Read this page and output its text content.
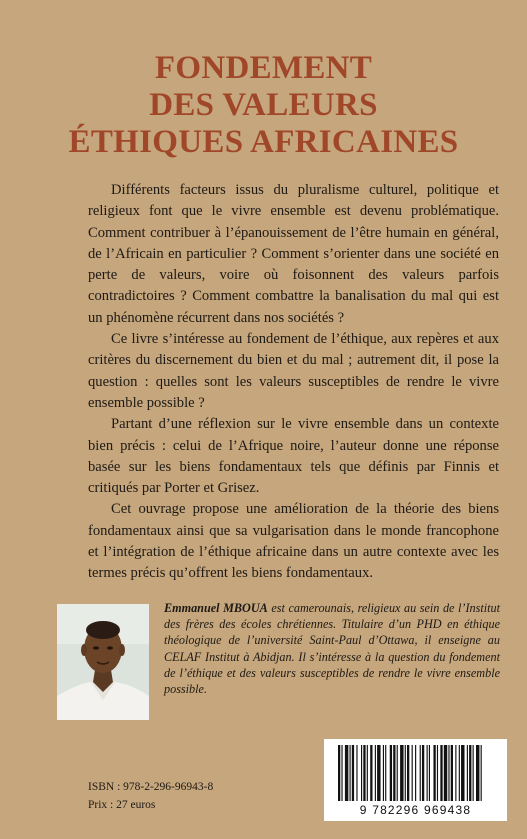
FONDEMENT
DES VALEURS
ÉTHIQUES AFRICAINES

Différents facteurs issus du pluralisme culturel, politique et religieux font que le vivre ensemble est devenu problématique. Comment contribuer à l’épanouissement de l’être humain en général, de l’Africain en particulier ? Comment s’orienter dans une société en perte de valeurs, voire où foisonnent des valeurs parfois contradictoires ? Comment combattre la banalisation du mal qui est un phénomène récurrent dans nos sociétés ?

Ce livre s’intéresse au fondement de l’éthique, aux repères et aux critères du discernement du bien et du mal ; autrement dit, il pose la question : quelles sont les valeurs susceptibles de rendre le vivre ensemble possible ?

Partant d’une réflexion sur le vivre ensemble dans un contexte bien précis : celui de l’Afrique noire, l’auteur donne une réponse basée sur les biens fondamentaux tels que définis par Finnis et critiqués par Porter et Grisez.

Cet ouvrage propose une amélioration de la théorie des biens fondamentaux ainsi que sa vulgarisation dans le monde francophone et l’intégration de l’éthique africaine dans un autre contexte avec les termes précis qu’offrent les biens fondamentaux.

Emmanuel MBOUA est camerounais, religieux au sein de l’Institut des frères des écoles chrétiennes. Titulaire d’un PHD en éthique théologique de l’université Saint-Paul d’Ottawa, il enseigne au CELAF Institut à Abidjan. Il s’intéresse à la question du fondement de l’éthique et des valeurs susceptibles de rendre le vivre ensemble possible.
ISBN : 978-2-296-96943-8
Prix : 27 euros	9 782296 969438
